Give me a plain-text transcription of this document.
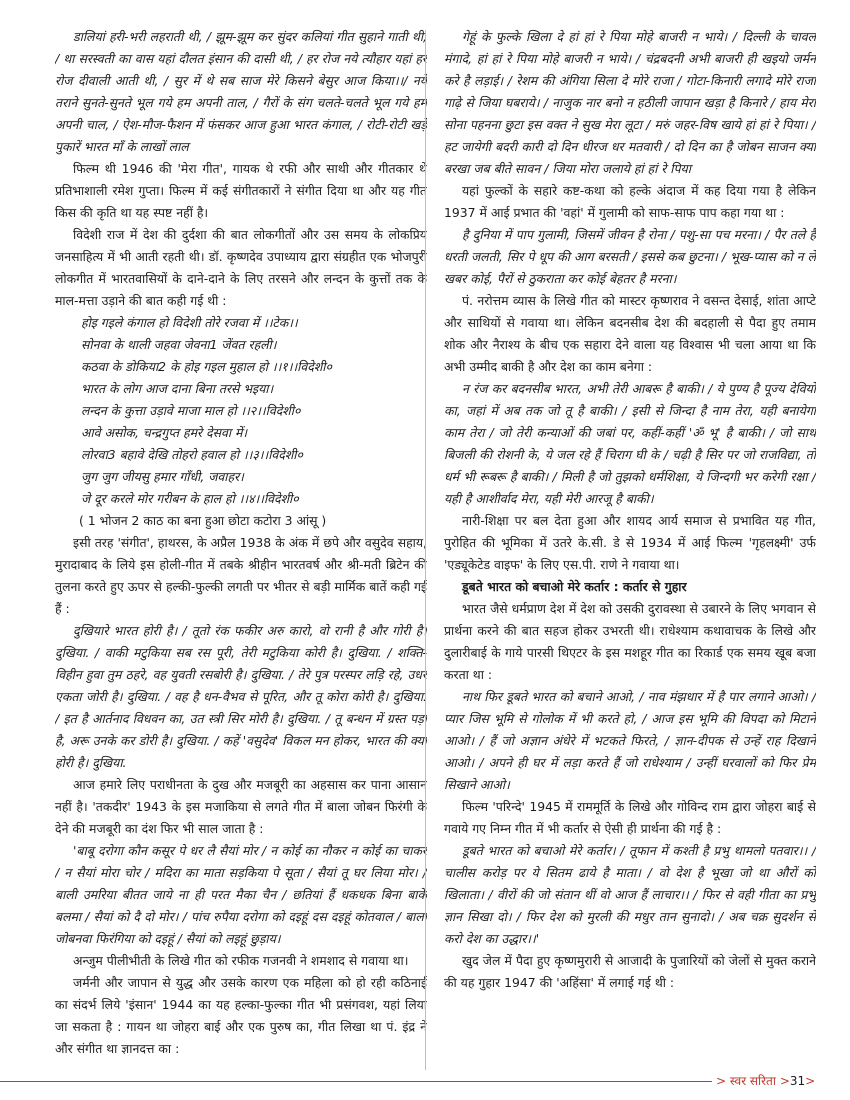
डालियां हरी-भरी लहराती थी, / झूम-झूम कर सुंदर कलियां गीत सुहाने गाती थी, / था सरस्वती का वास यहां दौलत इंसान की दासी थी, / हर रोज नये त्यौहार यहां हर रोज दीवाली आती थी, / सुर में थे सब साज मेरे किसने बेसुर आज किया।।/ नये तराने सुनते-सुनते भूल गये हम अपनी ताल, / गैरों के संग चलते-चलते भूल गये हम अपनी चाल, / ऐश-मौज-फैशन में फंसकर आज हुआ भारत कंगाल, / रोटी-रोटी खड़े पुकारें भारत माँ के लाखों लाल

फिल्म थी 1946 की 'मेरा गीत', गायक थे रफी और साथी और गीतकार थे प्रतिभाशाली रमेश गुप्ता। फिल्म में कई संगीतकारों ने संगीत दिया था और यह गीत किस की कृति था यह स्पष्ट नहीं है।

विदेशी राज में देश की दुर्दशा की बात लोकगीतों और उस समय के लोकप्रिय जनसाहित्य में भी आती रहती थी। डॉ. कृष्णदेव उपाध्याय द्वारा संग्रहीत एक भोजपुरी लोकगीत में भारतवासियों के दाने-दाने के लिए तरसने और लन्दन के कुत्तों तक के माल-मत्ता उड़ाने की बात कही गई थी :

होइ गइले कंगाल हो विदेशी तोरे रजवा में ।।टेक।।

सोनवा के थाली जहवा जेवना1 जेंवत रहली।

कठवा के डोकिया2 के होइ गइल मुहाल हो ।।१।।विदेशी०

भारत के लोग आज दाना बिना तरसे भइया।

लन्दन के कुत्ता उड़ावे माजा माल हो ।।२।।विदेशी०

आवे असोक, चन्द्रगुप्त हमरे देसवा में।

लोरवा3 बहावे देखि तोहरो हवाल हो ।।३।।विदेशी०

जुग जुग जीयसु हमार गाँधी, जवाहर।

जे दूर करले मोर गरीबन के हाल हो ।।४।।विदेशी०

( 1 भोजन 2 काठ का बना हुआ छोटा कटोरा 3 आंसू )

इसी तरह 'संगीत', हाथरस, के अप्रैल 1938 के अंक में छपे और वसुदेव सहाय, मुरादाबाद के लिये इस होली-गीत में तबके श्रीहीन भारतवर्ष और श्री-मती ब्रिटेन की तुलना करते हुए ऊपर से हल्की-फुल्की लगती पर भीतर से बड़ी मार्मिक बातें कही गई हैं :

दुखियारे भारत होरी है। / तूतो रंक फकीर अरु कारो, वो रानी है और गोरी है। दुखिया. / वाकी मटुकिया सब रस पूरी, तेरी मटुकिया कोरी है। दुखिया. / शक्ति-विहीन हुवा तुम ठहरे, वह युवती रसबोरी है। दुखिया. / तेरे पुत्र परस्पर लड़ि रहे, उधर एकता जोरी है। दुखिया. / वह है धन-वैभव से पूरित, और तू कोरा कोरी है। दुखिया. / इत है आर्तनाद विधवन का, उत स्त्री सिर मोरी है। दुखिया. / तू बन्धन में ग्रस्त पड़ा है, अरू उनके कर डोरी है। दुखिया. / कहें 'वसुदेव' विकल मन होकर, भारत की क्या होरी है। दुखिया.

आज हमारे लिए पराधीनता के दुख और मजबूरी का अहसास कर पाना आसान नहीं है। 'तकदीर' 1943 के इस मजाकिया से लगते गीत में बाला जोबन फिरंगी के देने की मजबूरी का दंश फिर भी साल जाता है :

'बाबू दरोगा कौन कसूर पे धर लै सैयां मोर / न कोई का नौकर न कोई का चाकर / न सैयां मोरा चोर / मदिरा का माता सड़किया पे सूता / सैयां तू घर लिया मोर। / बाली उमरिया बीतत जाये ना ही परत मैका चैन / छतियां हैं धकधक बिना बाके बलमा / सैयां को दै दो मोर। / पांच रुपैया दरोगा को दइहूं दस दइहूं कोतवाल / बाला जोबनवा फिरंगिया को दइहूं / सैयां को लइहूं छुड़ाय।

अन्जुम पीलीभीती के लिखे गीत को रफीक गजनवी ने शमशाद से गवाया था।

जर्मनी और जापान से युद्ध और उसके कारण एक महिला को हो रही कठिनाई का संदर्भ लिये 'इंसान' 1944 का यह हल्का-फुल्का गीत भी प्रसंगवश, यहां लिया जा सकता है : गायन था जोहरा बाई और एक पुरुष का, गीत लिखा था पं. इंद्र ने और संगीत था ज्ञानदत्त का :

गेहूं के फुल्के खिला दे हां हां रे पिया मोहे बाजरी न भाये। / दिल्ली के चावल मंगादे, हां हां रे पिया मोहे बाजरी न भाये। / चंद्रबदनी अभी बाजरी ही खइयो जर्मन करे है लड़ाई। / रेशम की अंगिया सिला दे मोरे राजा / गोटा-किनारी लगादे मोरे राजा गाढ़े से जिया घबराये। / नाजुक नार बनो न हठीली जापान खड़ा है किनारे / हाय मेरा सोना पहनना छुटा इस वक्त ने सुख मेरा लूटा / मरुं जहर-विष खाये हां हां रे पिया। / हट जायेगी बदरी कारी दो दिन धीरज धर मतवारी / दो दिन का है जोबन साजन क्या बरखा जब बीते सावन / जिया मोरा जलाये हां हां रे पिया

यहां फुल्कों के सहारे कष्ट-कथा को हल्के अंदाज में कह दिया गया है लेकिन 1937 में आई प्रभात की 'वहां' में गुलामी को साफ-साफ पाप कहा गया था :

है दुनिया में पाप गुलामी, जिसमें जीवन है रोना / पशु-सा पच मरना। / पैर तले है धरती जलती, सिर पे धूप की आग बरसती / इससे कब छुटना। / भूख-प्यास को न ले खबर कोई, पैरों से ठुकराता कर कोई बेहतर है मरना।

पं. नरोत्तम व्यास के लिखे गीत को मास्टर कृष्णराव ने वसन्त देसाई, शांता आप्टे और साथियों से गवाया था। लेकिन बदनसीब देश की बदहाली से पैदा हुए तमाम शोक और नैराश्य के बीच एक सहारा देने वाला यह विश्वास भी चला आया था कि अभी उम्मीद बाकी है और देश का काम बनेगा :

न रंज कर बदनसीब भारत, अभी तेरी आबरू है बाकी। / ये पुण्य है पूज्य देवियों का, जहां में अब तक जो तू है बाकी। / इसी से जिन्दा है नाम तेरा, यही बनायेगा काम तेरा / जो तेरी कन्याओं की जबां पर, कहीं-कहीं 'ॐ भू' है बाकी। / जो साथ बिजली की रोशनी के, ये जल रहे हैं चिराग घी के / चढ़ी है सिर पर जो राजविद्या, तो धर्म भी रूबरू है बाकी। / मिली है जो तुझको धर्मशिक्षा, ये जिन्दगी भर करेगी रक्षा / यही है आशीर्वाद मेरा, यही मेरी आरजू है बाकी।

नारी-शिक्षा पर बल देता हुआ और शायद आर्य समाज से प्रभावित यह गीत, पुरोहित की भूमिका में उतरे के.सी. डे से 1934 में आई फिल्म 'गृहलक्ष्मी' उर्फ 'एड्यूकेटेड वाइफ' के लिए एस.पी. राणे ने गवाया था।

डूबते भारत को बचाओ मेरे कर्तार : कर्तार से गुहार

भारत जैसे धर्मप्राण देश में देश को उसकी दुरावस्था से उबारने के लिए भगवान से प्रार्थना करने की बात सहज होकर उभरती थी। राधेश्याम कथावाचक के लिखे और दुलारीबाई के गाये पारसी थिएटर के इस मशहूर गीत का रिकार्ड एक समय खूब बजा करता था :

नाथ फिर डूबते भारत को बचाने आओ, / नाव मंझधार में है पार लगाने आओ। / प्यार जिस भूमि से गोलोक में भी करते हो, / आज इस भूमि की विपदा को मिटाने आओ। / हैं जो अज्ञान अंधेरे में भटकते फिरते, / ज्ञान-दीपक से उन्हें राह दिखाने आओ। / अपने ही घर में लड़ा करते हैं जो राधेश्याम / उन्हीं घरवालों को फिर प्रेम सिखाने आओ।

फिल्म 'परिन्दे' 1945 में राममूर्ति के लिखे और गोविन्द राम द्वारा जोहरा बाई से गवाये गए निम्न गीत में भी कर्तार से ऐसी ही प्रार्थना की गई है :

डूबते भारत को बचाओ मेरे कर्तार। / तूफान में कश्ती है प्रभु थामलो पतवार।। / चालीस करोड़ पर ये सितम ढाये है माता। / वो देश है भूखा जो था औरों को खिलाता। / वीरों की जो संतान थीं वो आज हैं लाचार।। / फिर से वही गीता का प्रभु ज्ञान सिखा दो। / फिर देश को मुरली की मधुर तान सुनादो। / अब चक्र सुदर्शन से करो देश का उद्धार।।'

खुद जेल में पैदा हुए कृष्णमुरारी से आजादी के पुजारियों को जेलों से मुक्त कराने की यह गुहार 1947 की 'अहिंसा' में लगाई गई थी :

> स्वर सरिता >31>
